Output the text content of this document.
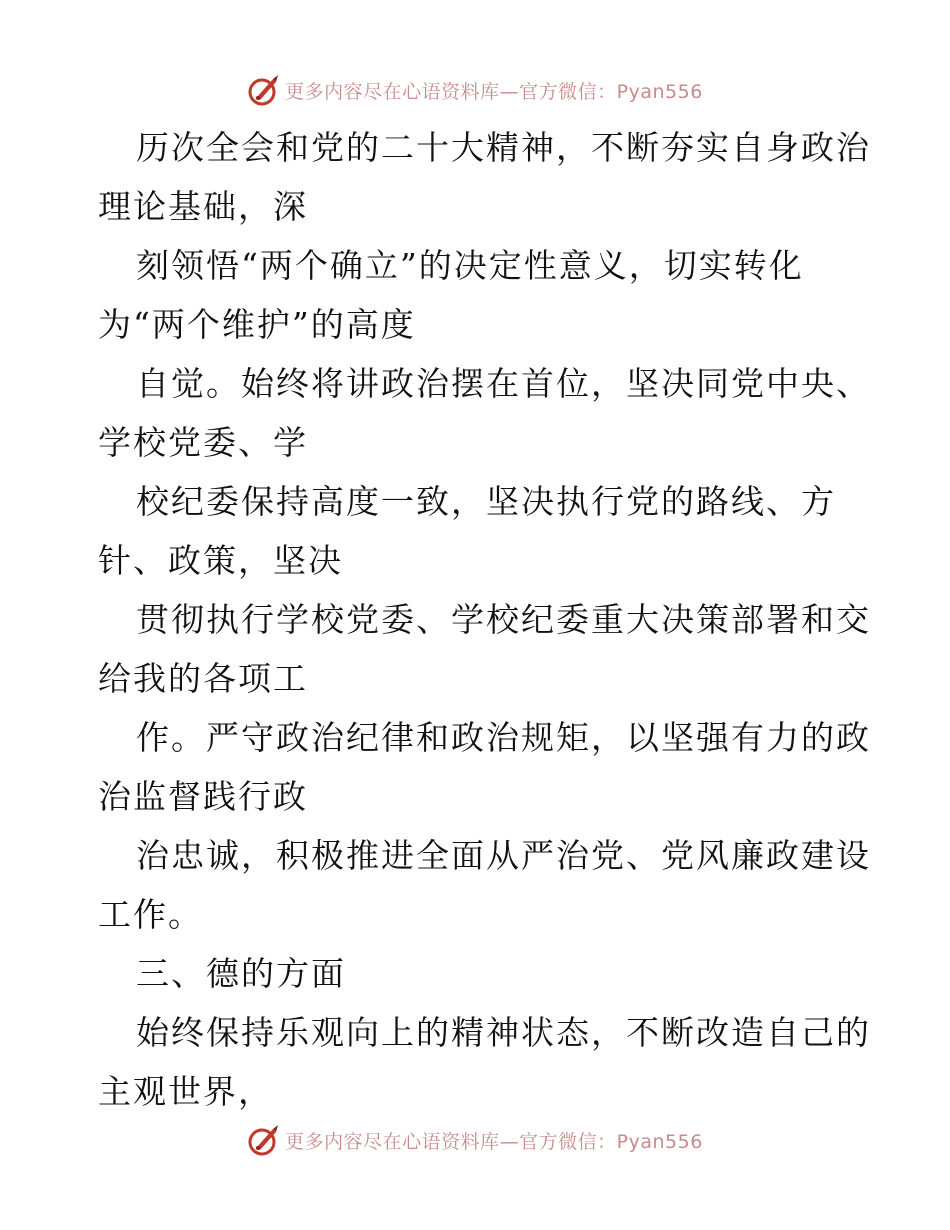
更多内容尽在心语资料库—官方微信：Pyan556
历次全会和党的二十大精神，不断夯实自身政治
理论基础，深
刻领悟“两个确立”的决定性意义，切实转化
为“两个维护”的高度
自觉。始终将讲政治摆在首位，坚决同党中央、
学校党委、学
校纪委保持高度一致，坚决执行党的路线、方
针、政策，坚决
贯彻执行学校党委、学校纪委重大决策部署和交
给我的各项工
作。严守政治纪律和政治规矩，以坚强有力的政
治监督践行政
治忠诚，积极推进全面从严治党、党风廉政建设
工作。
三、德的方面
始终保持乐观向上的精神状态，不断改造自己的
主观世界，
更多内容尽在心语资料库—官方微信：Pyan556
